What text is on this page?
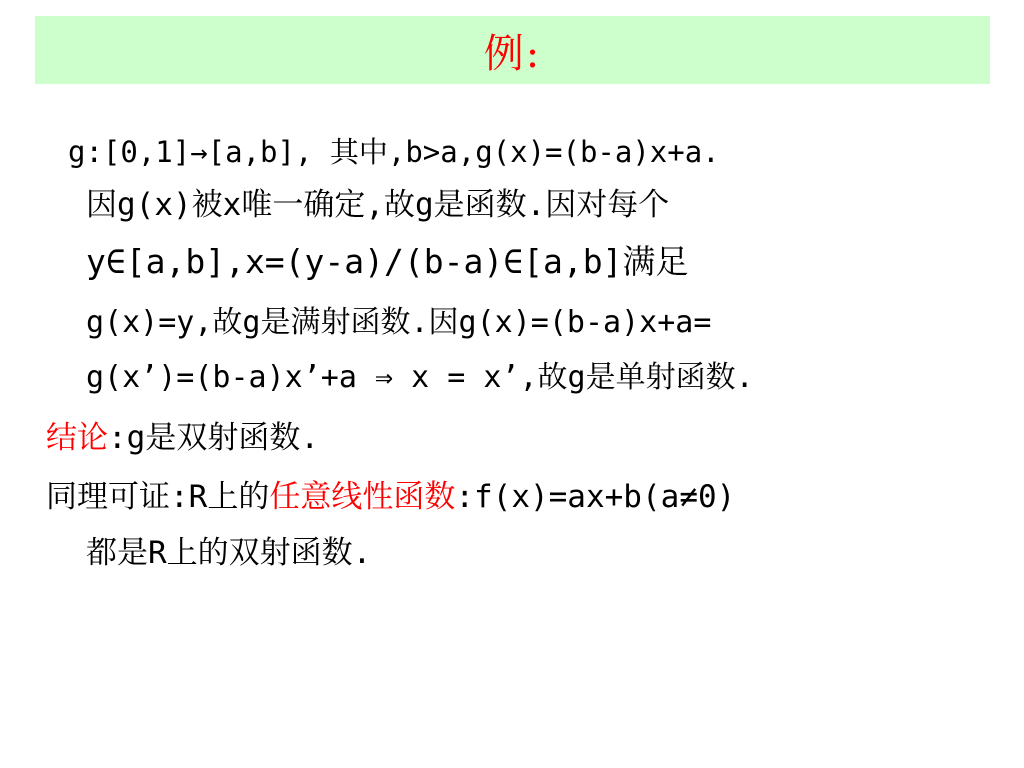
例:
g:[0,1]→[a,b], 其中,b>a,g(x)=(b-a)x+a.
因g(x)被x唯一确定,故g是函数.因对每个
y∈[a,b],x=(y-a)/(b-a)∈[a,b]满足
g(x)=y,故g是满射函数.因g(x)=(b-a)x+a=
g(x’)=(b-a)x’+a ⇒ x = x’,故g是单射函数.
结论:g是双射函数.
同理可证:R上的任意线性函数:f(x)=ax+b(a≠0)
都是R上的双射函数.
